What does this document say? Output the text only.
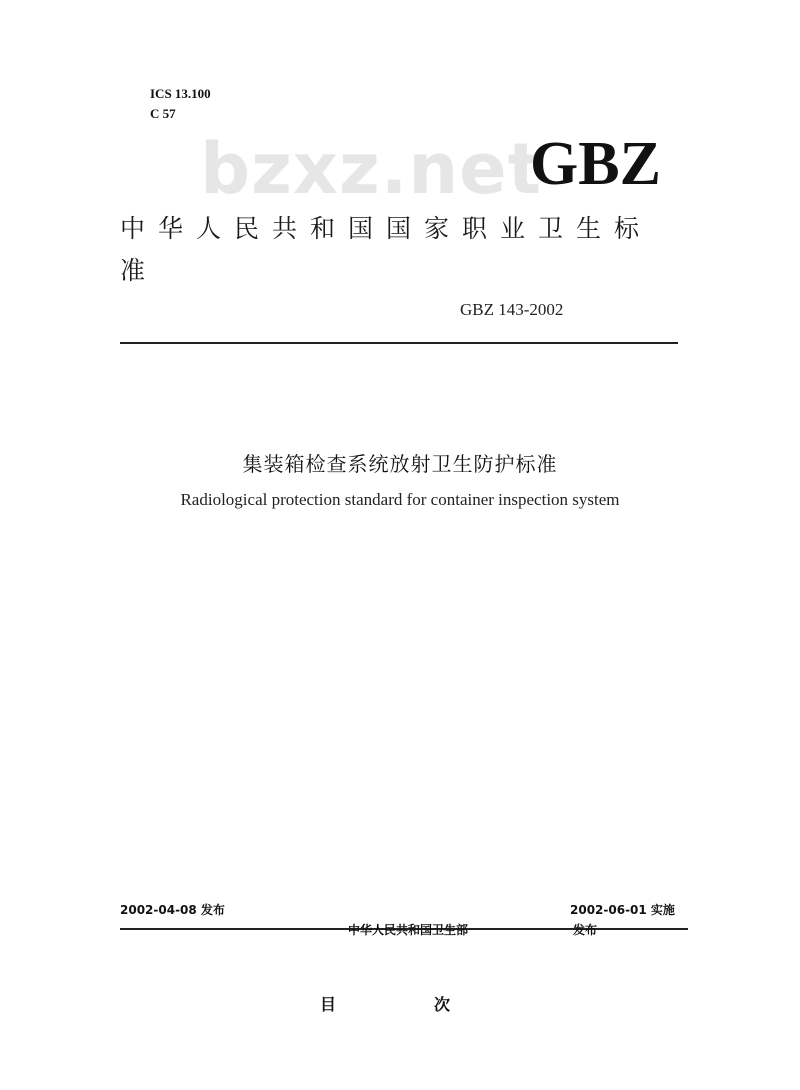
ICS 13.100
C 57
bzxz.net
GBZ
中华人民共和国国家职业卫生标准
GBZ 143-2002
集装箱检查系统放射卫生防护标准
Radiological protection standard for container inspection system
2002-04-08 发布	2002-06-01 实施
中华人民共和国卫生部	发布
目	次
